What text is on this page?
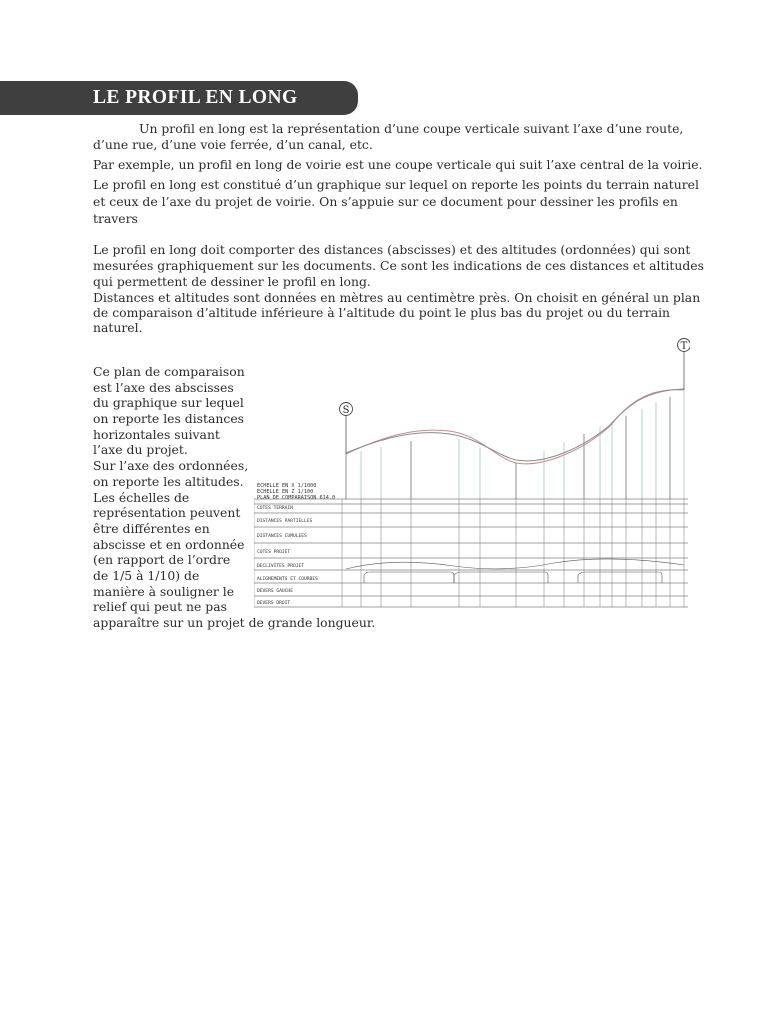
LE PROFIL EN LONG

Un profil en long est la représentation d’une coupe verticale suivant l’axe d’une route,

d’une rue, d’une voie ferrée, d’un canal, etc.

Par exemple, un profil en long de voirie est une coupe verticale qui suit l’axe central de la voirie.

Le profil en long est constitué d’un graphique sur lequel on reporte les points du terrain naturel

et ceux de l’axe du projet de voirie. On s’appuie sur ce document pour dessiner les profils en

travers

Le profil en long doit comporter des distances (abscisses) et des altitudes (ordonnées) qui sont

mesurées graphiquement sur les documents. Ce sont les indications de ces distances et altitudes

qui permettent de dessiner le profil en long.

Distances et altitudes sont données en mètres au centimètre près. On choisit en général un plan

de comparaison d’altitude inférieure à l’altitude du point le plus bas du projet ou du terrain

naturel.

Ce plan de comparaison

est l’axe des abscisses

du graphique sur lequel

on reporte les distances

horizontales suivant

l’axe du projet.

Sur l’axe des ordonnées,

on reporte les altitudes.

Les échelles de

représentation peuvent

être différentes en

abscisse et en ordonnée

(en rapport de l’ordre

de 1/5 à 1/10) de

manière à souligner le

relief qui peut ne pas

apparaître sur un projet de grande longueur.

S
T
ECHELLE EN X 1/1000
ECHELLE EN Z 1/100
PLAN DE COMPARAISON 614.0
COTES TERRAIN
DISTANCES PARTIELLES
DISTANCES CUMULEES
COTES PROJET
DECLIVITES PROJET
ALIGNEMENTS ET COURBES
DEVERS GAUCHE
DEVERS DROIT
